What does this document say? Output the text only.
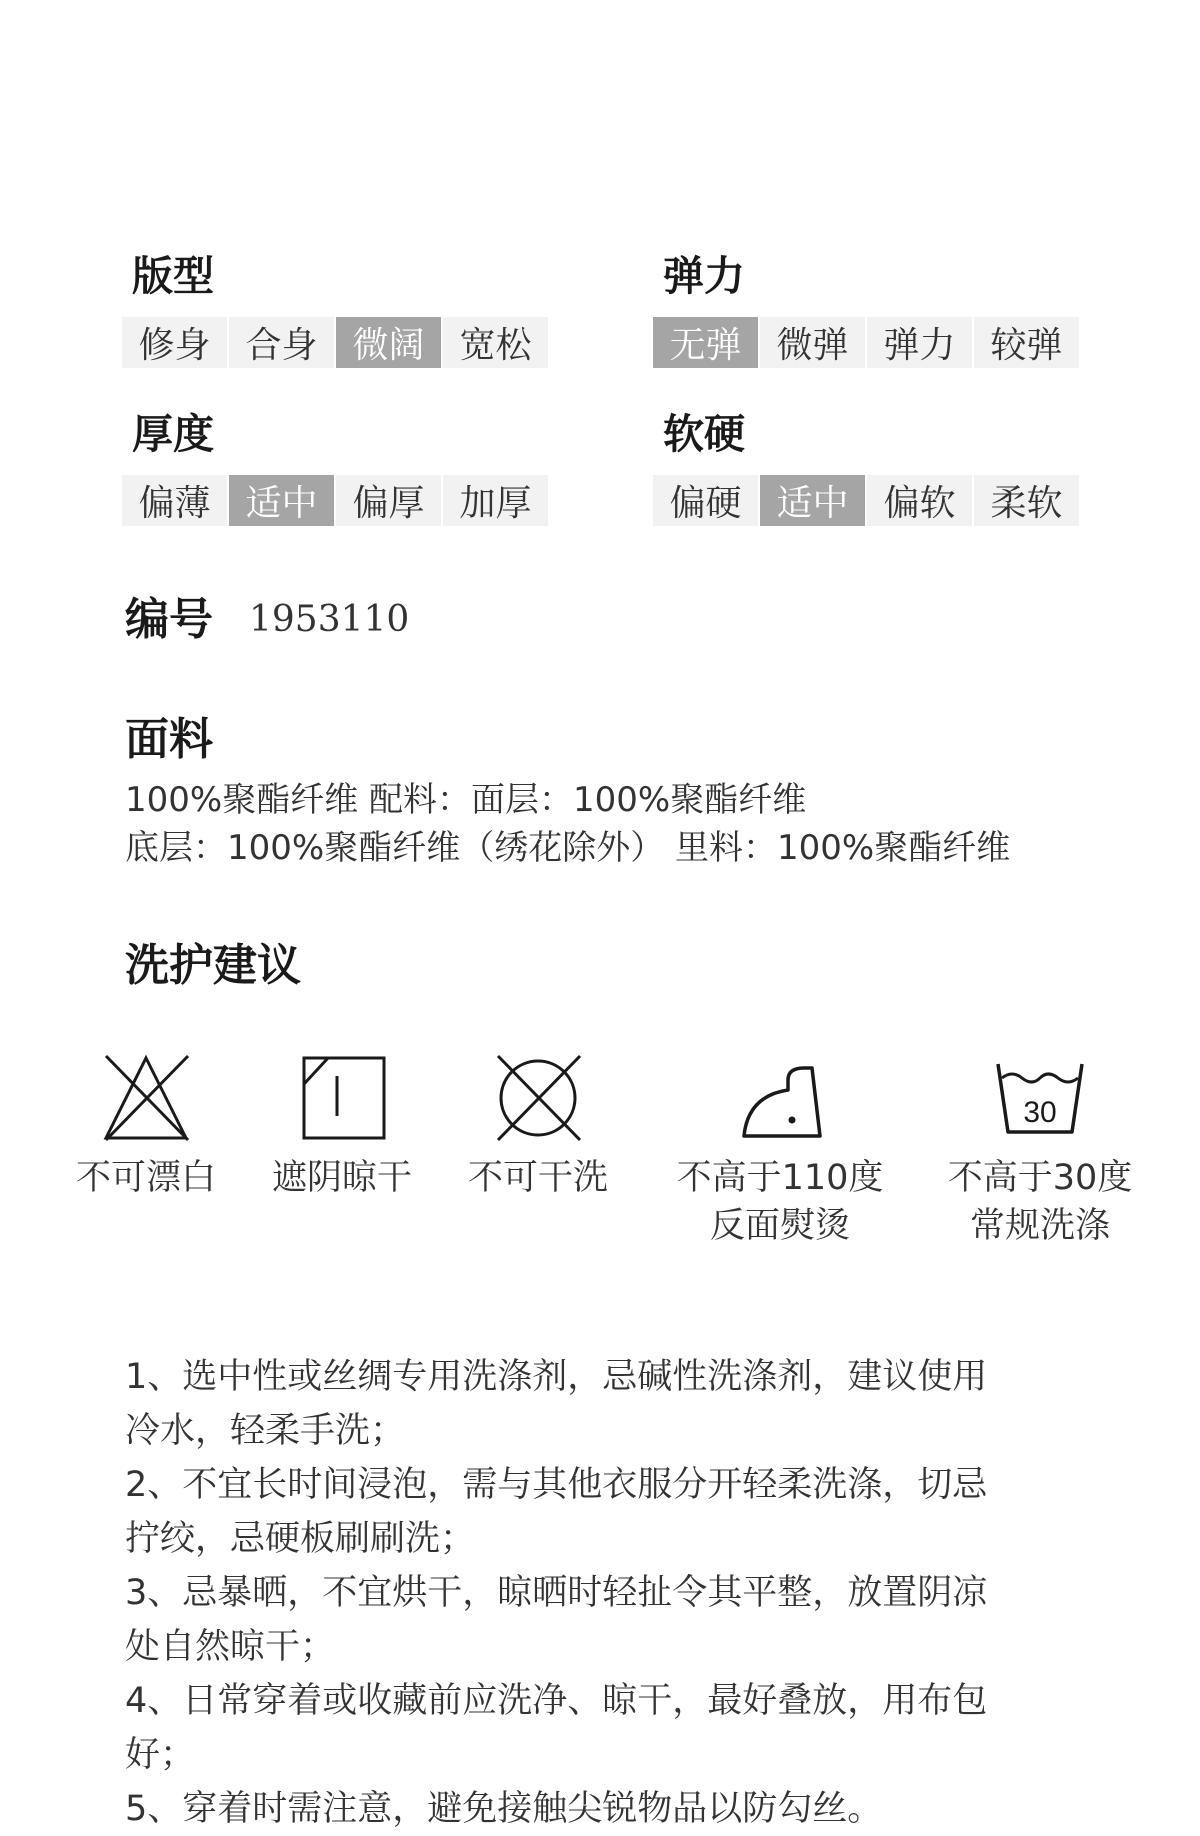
版型
修身 合身 微阔 宽松
弹力
无弹 微弹 弹力 较弹
厚度
偏薄 适中 偏厚 加厚
软硬
偏硬 适中 偏软 柔软
编号 1953110
面料
100%聚酯纤维 配料：面层：100%聚酯纤维
底层：100%聚酯纤维（绣花除外） 里料：100%聚酯纤维
洗护建议
不可漂白	遮阴晾干	不可干洗	不高于110度
反面熨烫
30
不高于30度
常规洗涤
1、选中性或丝绸专用洗涤剂，忌碱性洗涤剂，建议使用冷水，轻柔手洗；
2、不宜长时间浸泡，需与其他衣服分开轻柔洗涤，切忌拧绞，忌硬板刷刷洗；
3、忌暴晒，不宜烘干，晾晒时轻扯令其平整，放置阴凉处自然晾干；
4、日常穿着或收藏前应洗净、晾干，最好叠放，用布包好；
5、穿着时需注意，避免接触尖锐物品以防勾丝。
